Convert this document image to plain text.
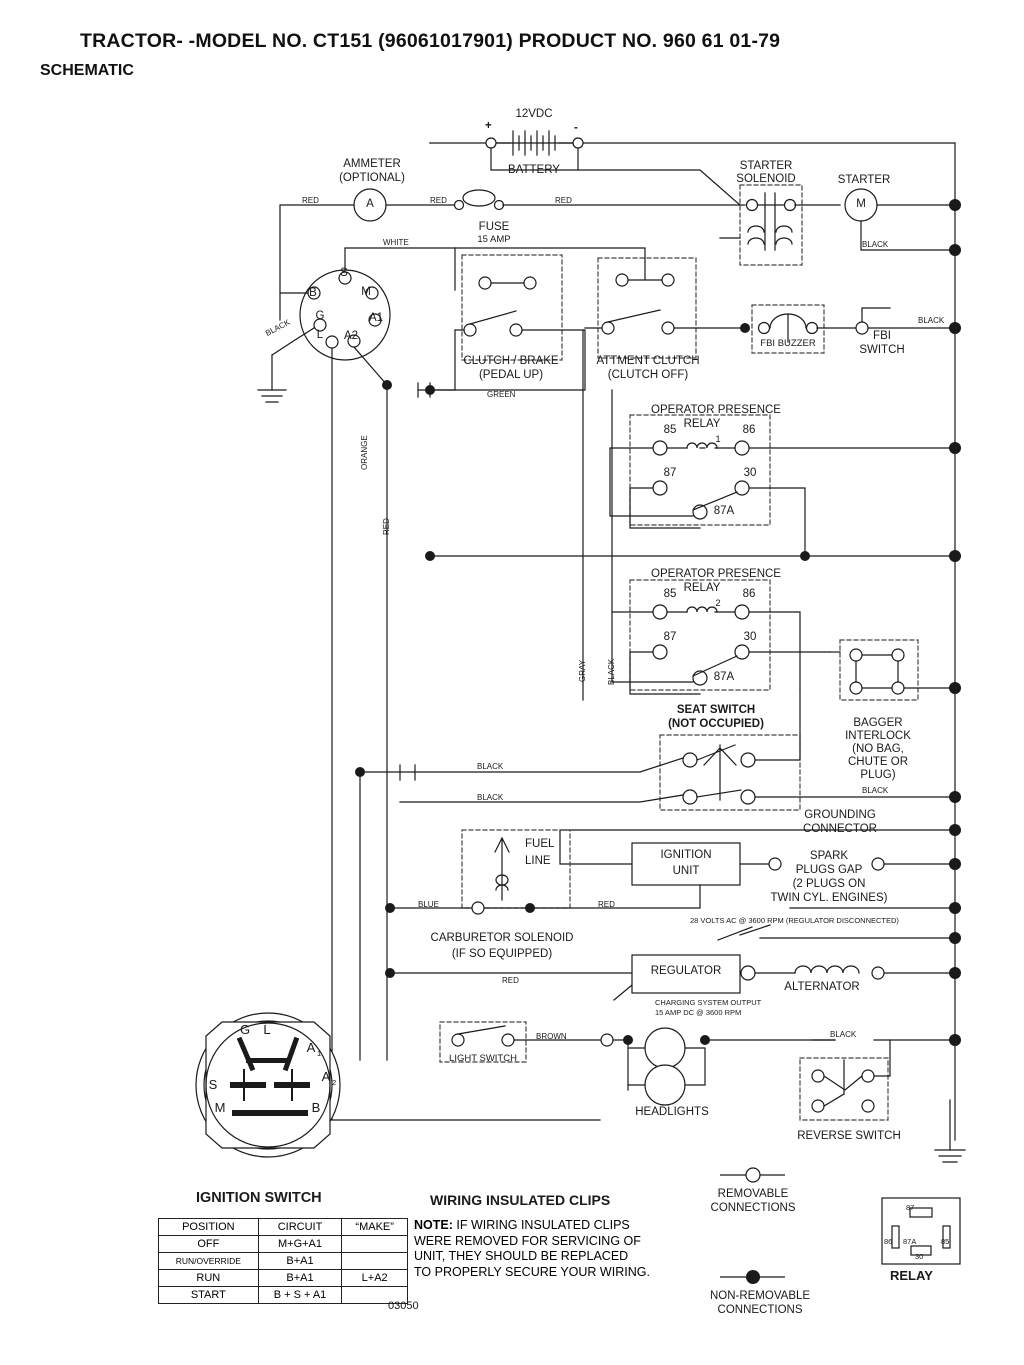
TRACTOR- -MODEL NO. CT151 (96061017901) PRODUCT NO. 960 61 01-79
SCHEMATIC
12VDC
BATTERY
+	-
AMMETER
(OPTIONAL)
A
FUSE
15 AMP
STARTER
SOLENOID	STARTER
M
CLUTCH / BRAKE
(PEDAL UP)
ATTMENT CLUTCH
(CLUTCH OFF)
FBI BUZZER
FBI
SWITCH
OPERATOR PRESENCE
RELAY
1
85	86
87	30
87A
OPERATOR PRESENCE
RELAY
2
85	86
87	30
87A
SEAT SWITCH
(NOT OCCUPIED)	BAGGER
INTERLOCK
(NO BAG,
CHUTE OR
PLUG)
GROUNDING
CONNECTOR
FUEL
LINE
CARBURETOR SOLENOID
(IF SO EQUIPPED)
IGNITION
UNIT
SPARK
PLUGS GAP
(2 PLUGS ON
TWIN CYL. ENGINES)
REGULATOR
ALTERNATOR
28 VOLTS AC @ 3600 RPM (REGULATOR DISCONNECTED)
CHARGING SYSTEM OUTPUT
15 AMP DC @ 3600 RPM
LIGHT SWITCH
HEADLIGHTS
REVERSE SWITCH
RED	RED	RED
WHITE	BLACK
BLACK
BLACK
GREEN
ORANGE
RED
GRAY	BLACK
BLACK
BLACK
BLACK
BLUE	RED
RED
BROWN	BLACK
S
M
B
A1
A2
G
L
G L
A 1
A 2
S
M	B
IGNITION SWITCH
POSITION	CIRCUIT	“MAKE”
OFF	M+G+A1	
RUN/OVERRIDE	B+A1	
RUN	B+A1	L+A2
START	B + S + A1	
03050
WIRING INSULATED CLIPS
NOTE: IF WIRING INSULATED CLIPS
WERE REMOVED FOR SERVICING OF
UNIT, THEY SHOULD BE REPLACED
TO PROPERLY SECURE YOUR WIRING.
REMOVABLE
CONNECTIONS
NON-REMOVABLE
CONNECTIONS
87
86 87A	85
30
RELAY
